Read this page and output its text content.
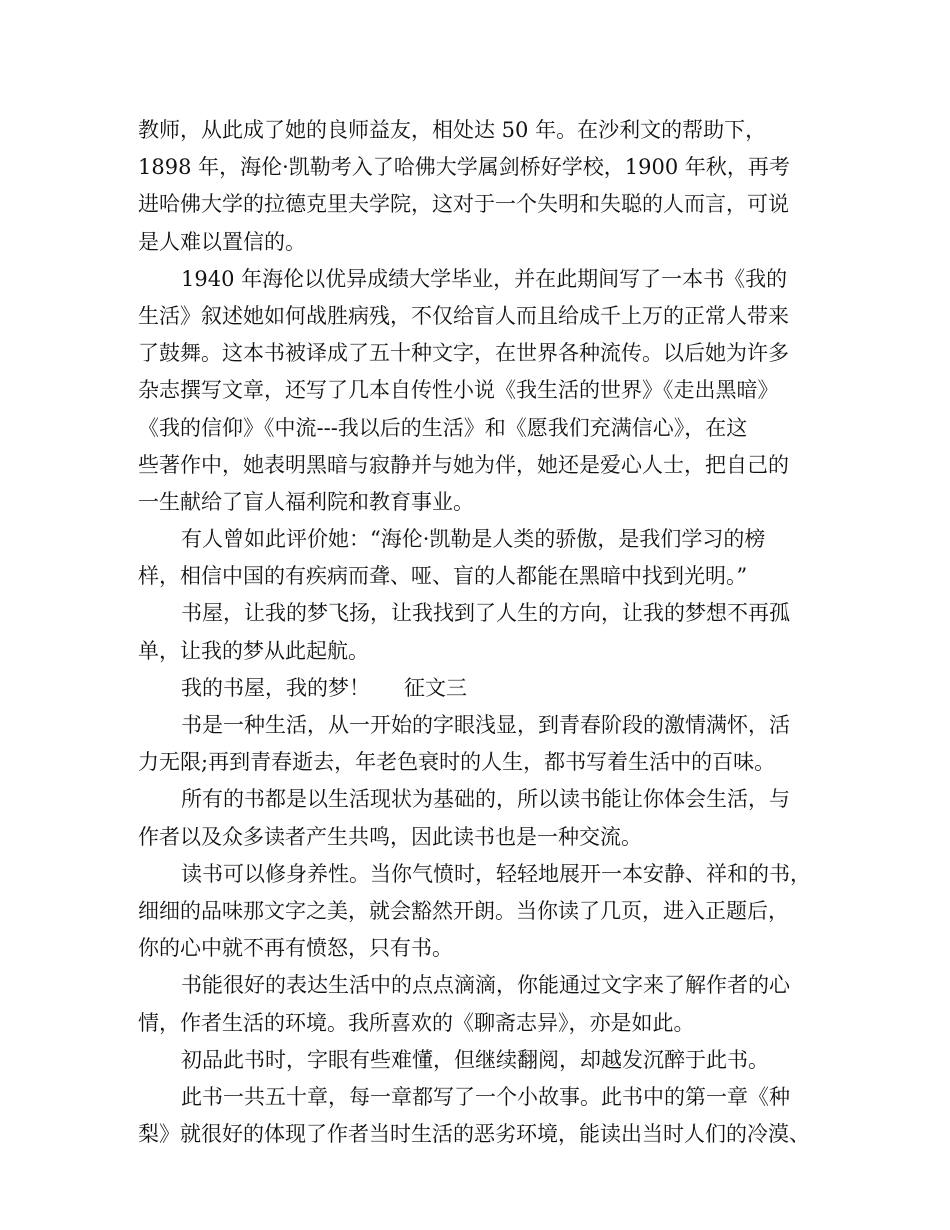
教师，从此成了她的良师益友，相处达 50 年。在沙利文的帮助下，
1898 年，海伦·凯勒考入了哈佛大学属剑桥好学校，1900 年秋，再考
进哈佛大学的拉德克里夫学院，这对于一个失明和失聪的人而言，可说
是人难以置信的。
1940 年海伦以优异成绩大学毕业，并在此期间写了一本书《我的
生活》叙述她如何战胜病残，不仅给盲人而且给成千上万的正常人带来
了鼓舞。这本书被译成了五十种文字，在世界各种流传。以后她为许多
杂志撰写文章，还写了几本自传性小说《我生活的世界》《走出黑暗》
《我的信仰》《中流---我以后的生活》和《愿我们充满信心》，在这
些著作中，她表明黑暗与寂静并与她为伴，她还是爱心人士，把自己的
一生献给了盲人福利院和教育事业。
有人曾如此评价她：“海伦·凯勒是人类的骄傲，是我们学习的榜
样，相信中国的有疾病而聋、哑、盲的人都能在黑暗中找到光明。”
书屋，让我的梦飞扬，让我找到了人生的方向，让我的梦想不再孤
单，让我的梦从此起航。
我的书屋，我的梦！ 征文三
书是一种生活，从一开始的字眼浅显，到青春阶段的激情满怀，活
力无限;再到青春逝去，年老色衰时的人生，都书写着生活中的百味。
所有的书都是以生活现状为基础的，所以读书能让你体会生活，与
作者以及众多读者产生共鸣，因此读书也是一种交流。
读书可以修身养性。当你气愤时，轻轻地展开一本安静、祥和的书，
细细的品味那文字之美，就会豁然开朗。当你读了几页，进入正题后，
你的心中就不再有愤怒，只有书。
书能很好的表达生活中的点点滴滴，你能通过文字来了解作者的心
情，作者生活的环境。我所喜欢的《聊斋志异》，亦是如此。
初品此书时，字眼有些难懂，但继续翻阅，却越发沉醉于此书。
此书一共五十章，每一章都写了一个小故事。此书中的第一章《种
梨》就很好的体现了作者当时生活的恶劣环境，能读出当时人们的冷漠、
